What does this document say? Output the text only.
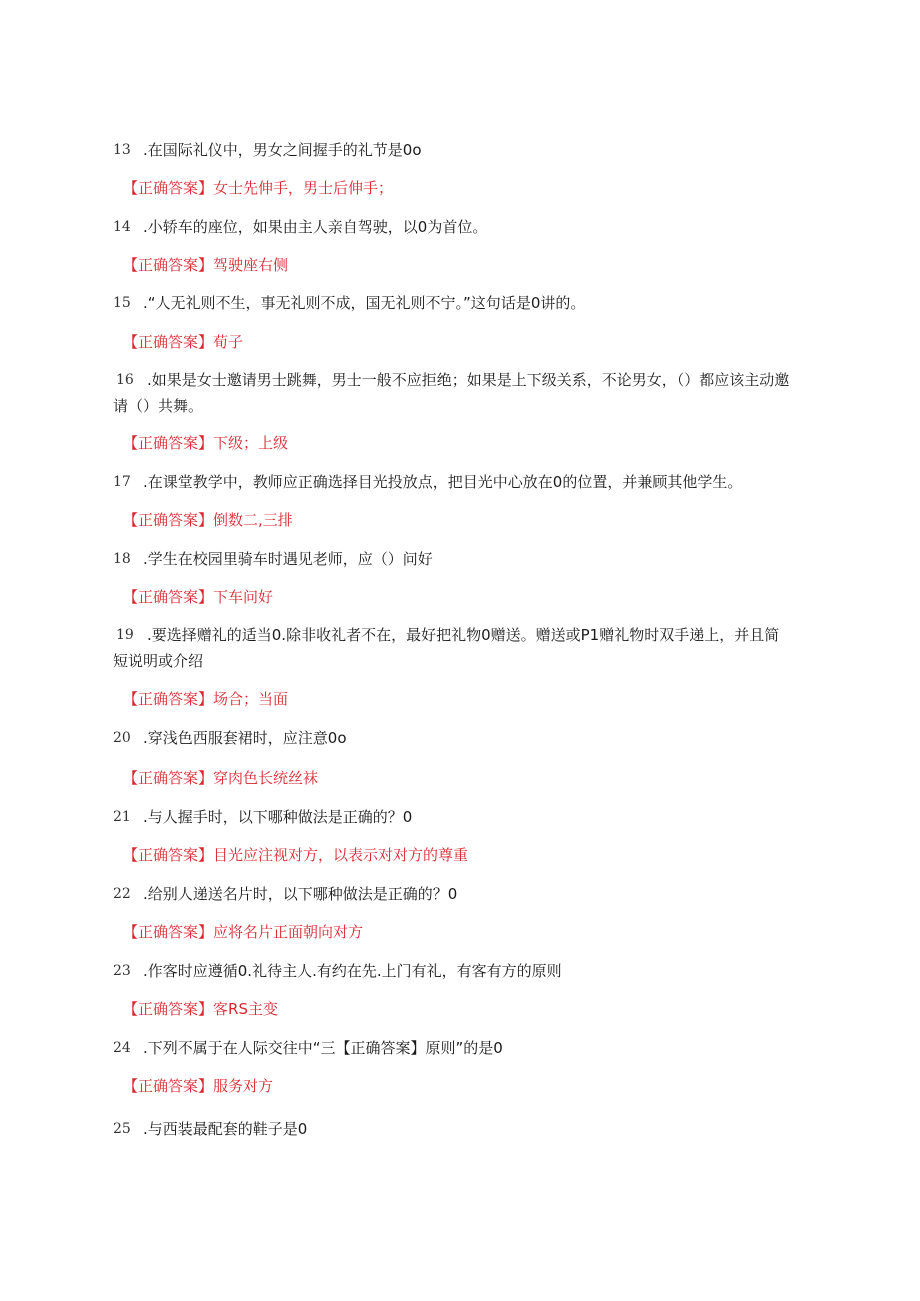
13 .在国际礼仪中，男女之间握手的礼节是0o
【正确答案】女士先伸手，男士后伸手；
14 .小轿车的座位，如果由主人亲自驾驶，以0为首位。
【正确答案】驾驶座右侧
15 .“人无礼则不生，事无礼则不成，国无礼则不宁。”这句话是0讲的。
【正确答案】荀子
16 .如果是女士邀请男士跳舞，男士一般不应拒绝；如果是上下级关系，不论男女，（）都应该主动邀
请（）共舞。
【正确答案】下级；上级
17 .在课堂教学中，教师应正确选择目光投放点，把目光中心放在0的位置，并兼顾其他学生。
【正确答案】倒数二,三排
18 .学生在校园里骑车时遇见老师，应（）问好
【正确答案】下车问好
19 .要选择赠礼的适当0.除非收礼者不在，最好把礼物0赠送。赠送或P1赠礼物时双手递上，并且简
短说明或介绍
【正确答案】场合；当面
20 .穿浅色西服套裙时，应注意0o
【正确答案】穿肉色长统丝袜
21 .与人握手时，以下哪种做法是正确的？0
【正确答案】目光应注视对方，以表示对对方的尊重
22 .给别人递送名片时，以下哪种做法是正确的？0
【正确答案】应将名片正面朝向对方
23 .作客时应遵循0.礼待主人.有约在先.上门有礼，有客有方的原则
【正确答案】客RS主变
24 .下列不属于在人际交往中“三【正确答案】原则”的是0
【正确答案】服务对方
25 .与西装最配套的鞋子是0
